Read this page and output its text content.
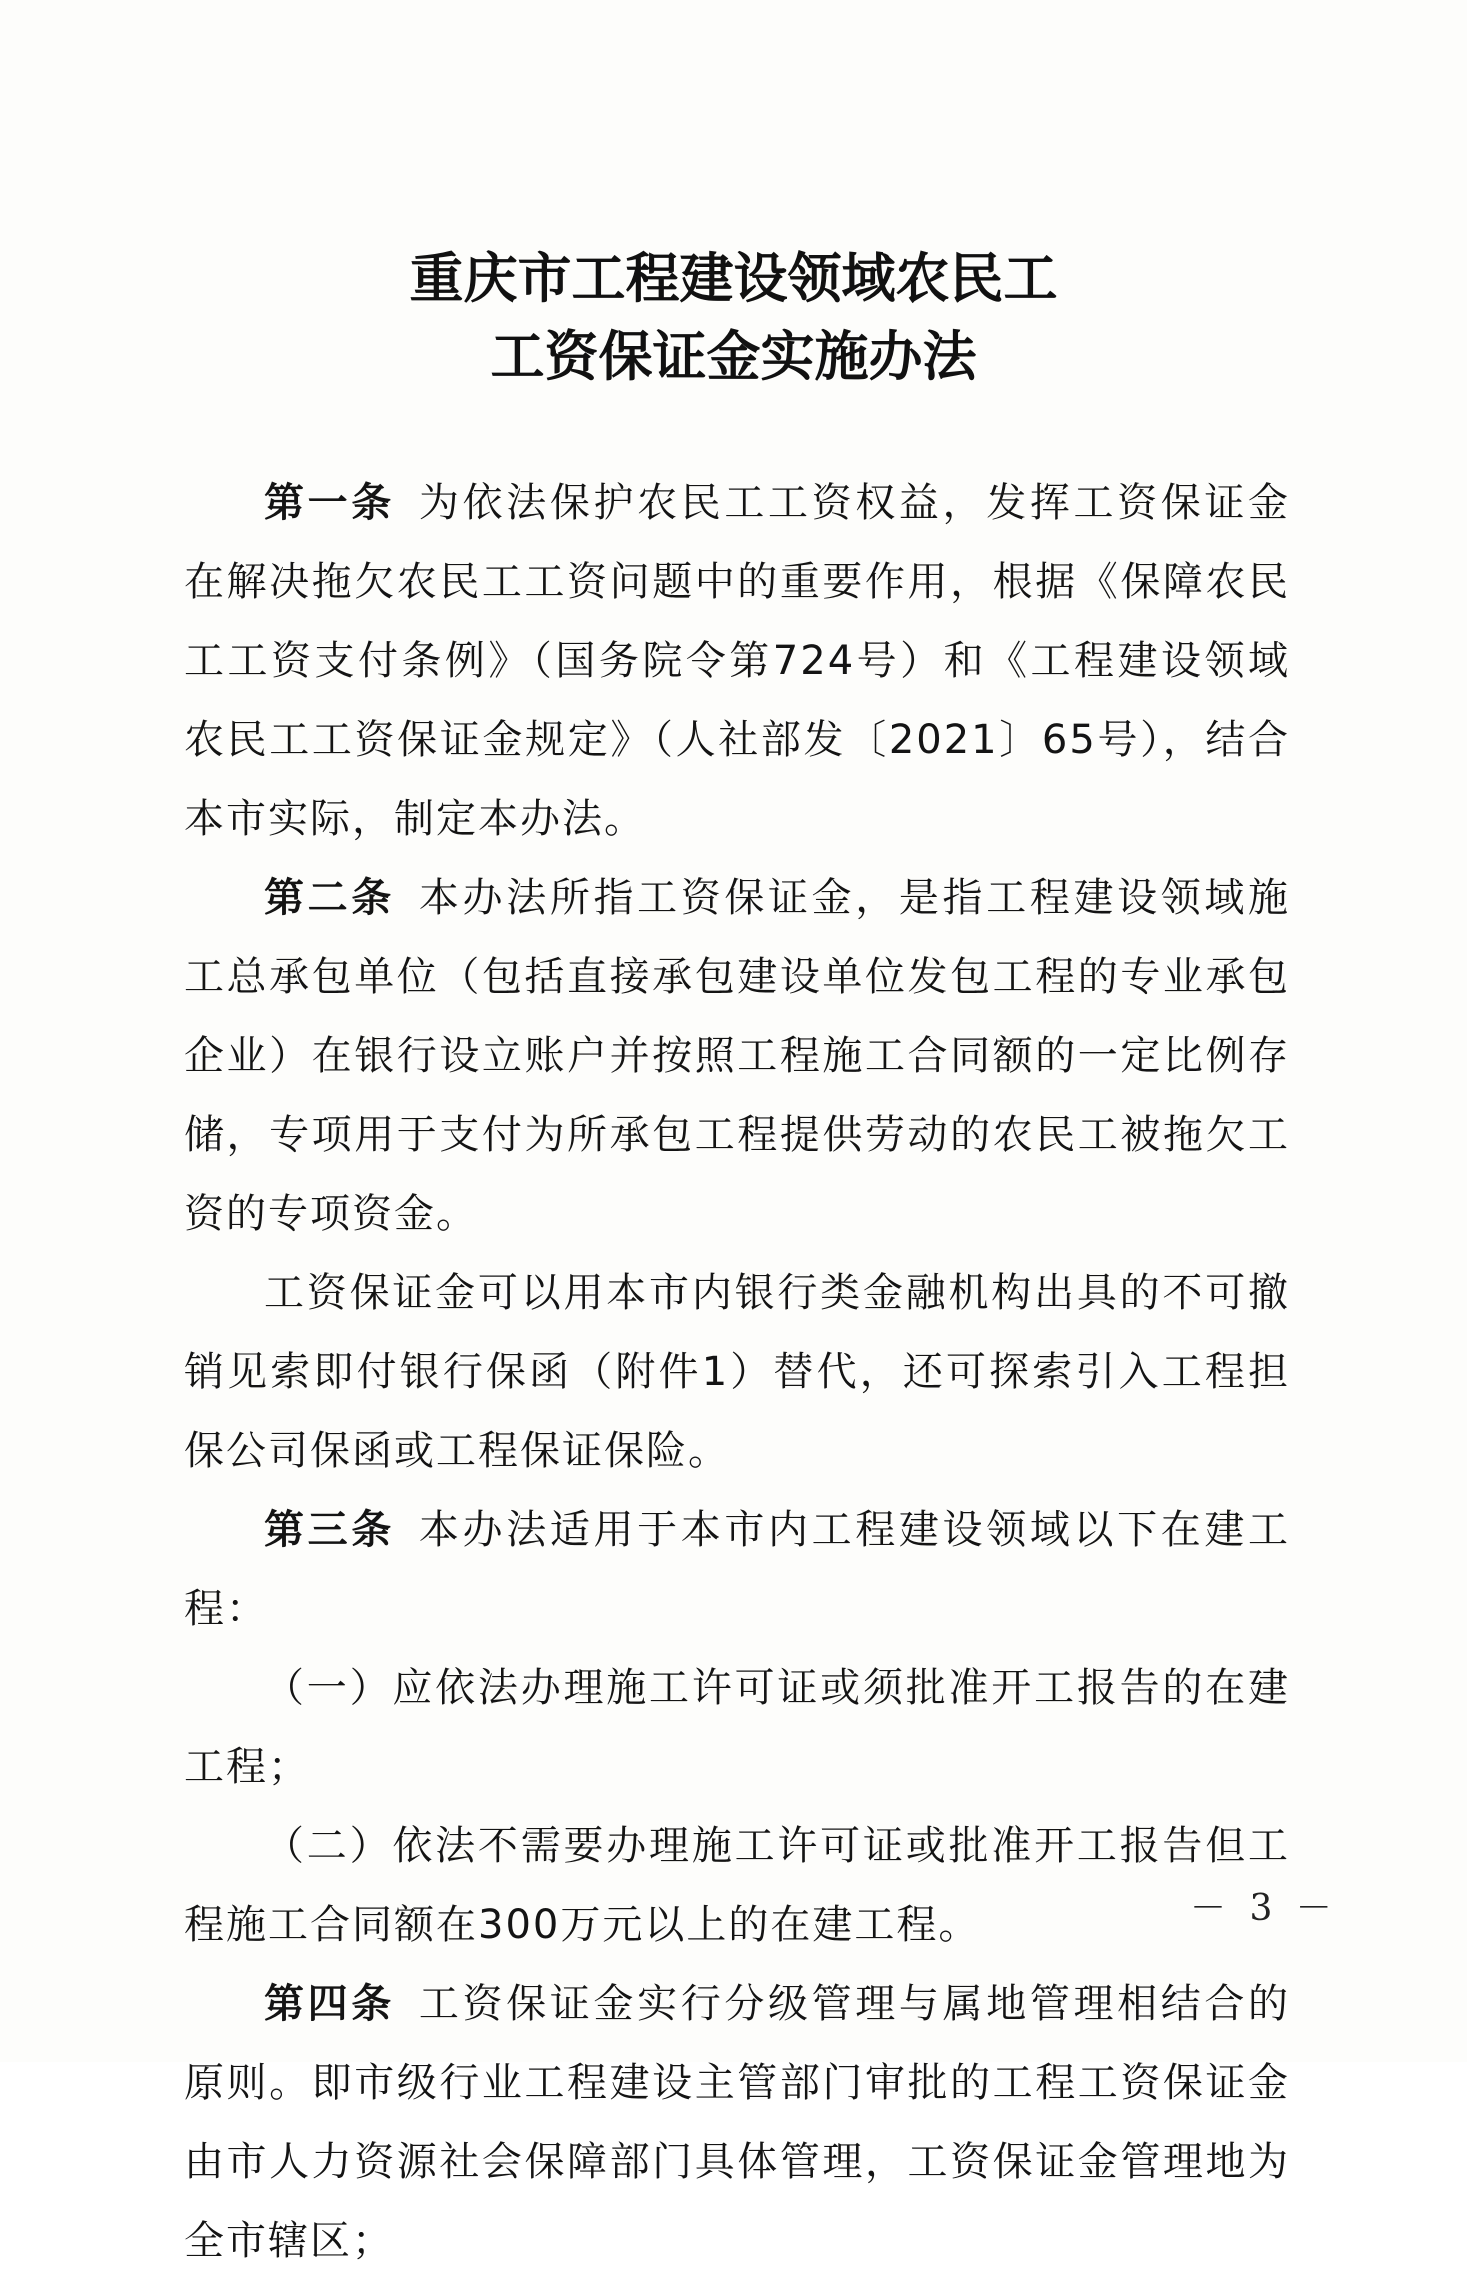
重庆市工程建设领域农民工
工资保证金实施办法

第一条 为依法保护农民工工资权益，发挥工资保证金在解决拖欠农民工工资问题中的重要作用，根据《保障农民工工资支付条例》（国务院令第724号）和《工程建设领域农民工工资保证金规定》（人社部发〔2021〕65号），结合本市实际，制定本办法。

第二条 本办法所指工资保证金，是指工程建设领域施工总承包单位（包括直接承包建设单位发包工程的专业承包企业）在银行设立账户并按照工程施工合同额的一定比例存储，专项用于支付为所承包工程提供劳动的农民工被拖欠工资的专项资金。

工资保证金可以用本市内银行类金融机构出具的不可撤销见索即付银行保函（附件1）替代，还可探索引入工程担保公司保函或工程保证保险。

第三条 本办法适用于本市内工程建设领域以下在建工程：

（一）应依法办理施工许可证或须批准开工报告的在建工程；

（二）依法不需要办理施工许可证或批准开工报告但工程施工合同额在300万元以上的在建工程。

第四条 工资保证金实行分级管理与属地管理相结合的原则。即市级行业工程建设主管部门审批的工程工资保证金由市人力资源社会保障部门具体管理，工资保证金管理地为全市辖区；

－ 3 －
